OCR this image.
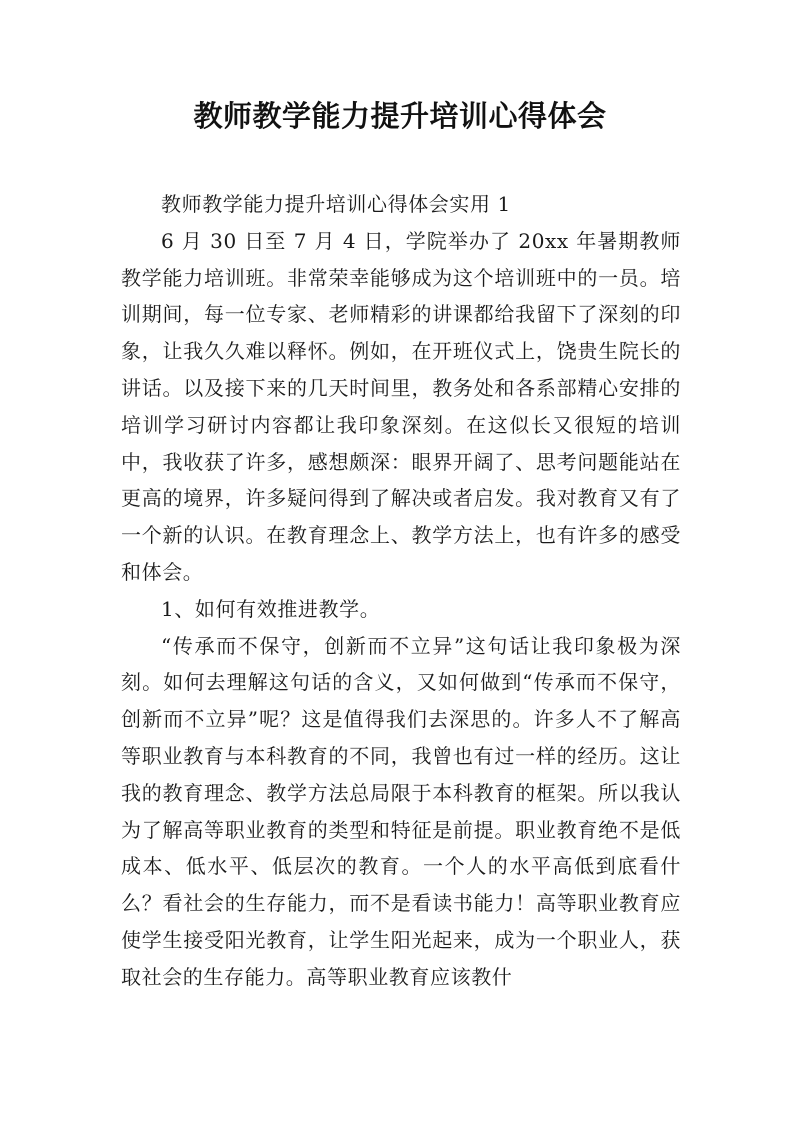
教师教学能力提升培训心得体会

教师教学能力提升培训心得体会实用 1

6 月 30 日至 7 月 4 日，学院举办了 20xx 年暑期教师教学能力培训班。非常荣幸能够成为这个培训班中的一员。培训期间，每一位专家、老师精彩的讲课都给我留下了深刻的印象，让我久久难以释怀。例如，在开班仪式上，饶贵生院长的讲话。以及接下来的几天时间里，教务处和各系部精心安排的培训学习研讨内容都让我印象深刻。在这似长又很短的培训中，我收获了许多，感想颇深：眼界开阔了、思考问题能站在更高的境界，许多疑问得到了解决或者启发。我对教育又有了一个新的认识。在教育理念上、教学方法上，也有许多的感受和体会。

1、如何有效推进教学。

“传承而不保守，创新而不立异”这句话让我印象极为深刻。如何去理解这句话的含义，又如何做到“传承而不保守，创新而不立异”呢？这是值得我们去深思的。许多人不了解高等职业教育与本科教育的不同，我曾也有过一样的经历。这让我的教育理念、教学方法总局限于本科教育的框架。所以我认为了解高等职业教育的类型和特征是前提。职业教育绝不是低成本、低水平、低层次的教育。一个人的水平高低到底看什么？看社会的生存能力，而不是看读书能力！高等职业教育应使学生接受阳光教育，让学生阳光起来，成为一个职业人，获取社会的生存能力。高等职业教育应该教什
